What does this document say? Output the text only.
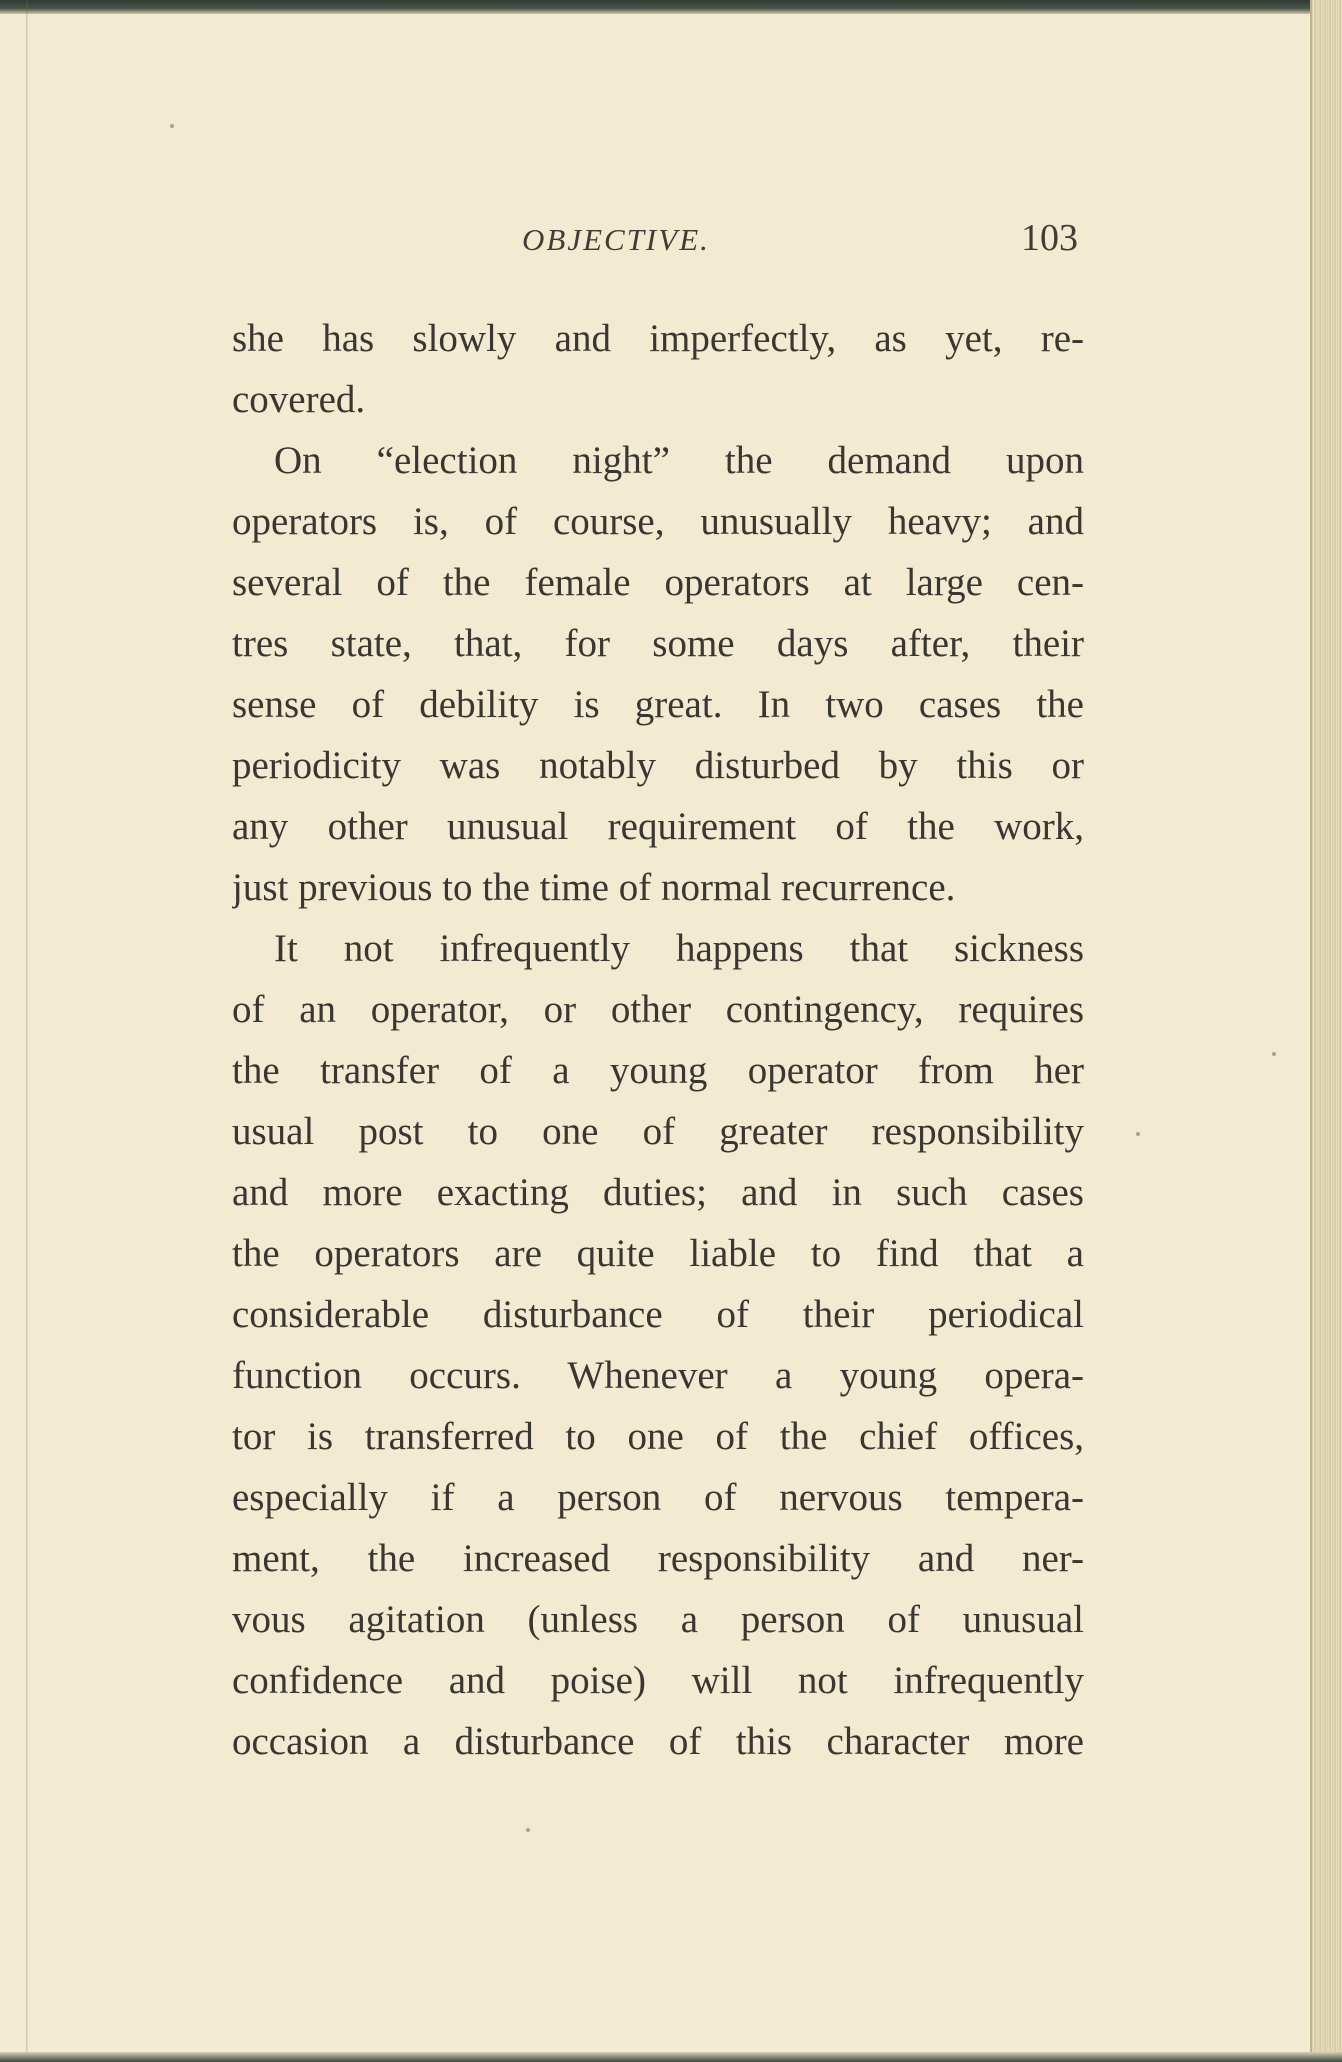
OBJECTIVE.	103
she has slowly and imperfectly, as yet, re-
covered.
On “election night” the demand upon
operators is, of course, unusually heavy; and
several of the female operators at large cen-
tres state, that, for some days after, their
sense of debility is great. In two cases the
periodicity was notably disturbed by this or
any other unusual requirement of the work,
just previous to the time of normal recurrence.
It not infrequently happens that sickness
of an operator, or other contingency, requires
the transfer of a young operator from her
usual post to one of greater responsibility
and more exacting duties; and in such cases
the operators are quite liable to find that a
considerable disturbance of their periodical
function occurs. Whenever a young opera-
tor is transferred to one of the chief offices,
especially if a person of nervous tempera-
ment, the increased responsibility and ner-
vous agitation (unless a person of unusual
confidence and poise) will not infrequently
occasion a disturbance of this character more
